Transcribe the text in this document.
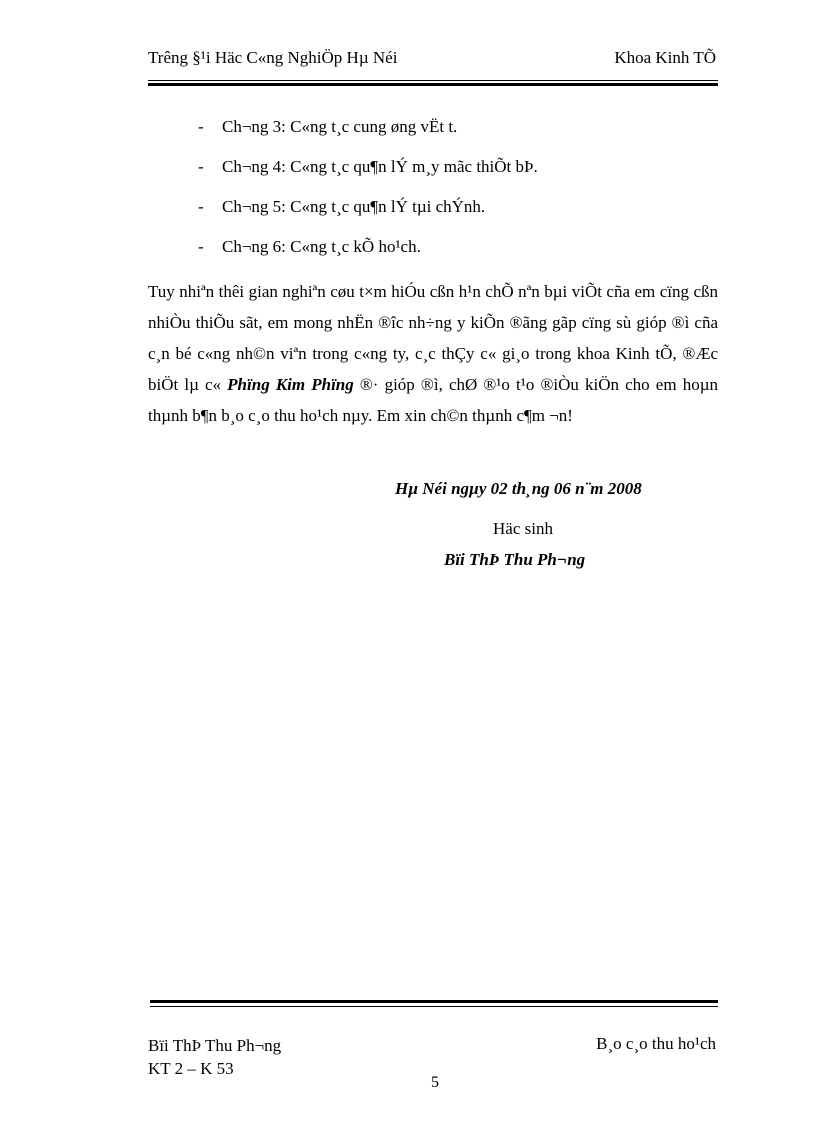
Trêng §¹i Häc C«ng NghiÖp Hµ Néi	Khoa Kinh TÕ
- Ch¬ng 3: C«ng t¸c cung øng vËt t.
- Ch¬ng 4: C«ng t¸c qu¶n lÝ m¸y mãc thiÕt bÞ.
- Ch¬ng 5: C«ng t¸c qu¶n lÝ tµi chÝnh.
- Ch¬ng 6: C«ng t¸c kÕ ho¹ch.

Tuy nhiªn thêi gian nghiªn cøu t×m hiÓu cßn h¹n chÕ nªn bµi viÕt cña em cïng cßn nhiÒu thiÕu sãt, em mong nhËn ®îc nh÷ng y kiÕn ®ãng gãp cïng sù gióp ®ì cña c¸n bé c«ng nh©n viªn trong c«ng ty, c¸c thÇy c« gi¸o trong khoa Kinh tÕ, ®Æc biÖt lµ c« Phïng Kim Phïng ®· gióp ®ì, chØ ®¹o t¹o ®iÒu kiÖn cho em hoµn thµnh b¶n b¸o c¸o thu ho¹ch nµy. Em xin ch©n thµnh c¶m ¬n!

Hµ Néi ngµy 02 th¸ng 06 n¨m 2008
Häc sinh
Bïi ThÞ Thu Ph¬ng
Bïi ThÞ Thu Ph¬ng
KT 2 – K 53
B¸o c¸o thu ho¹ch
5
